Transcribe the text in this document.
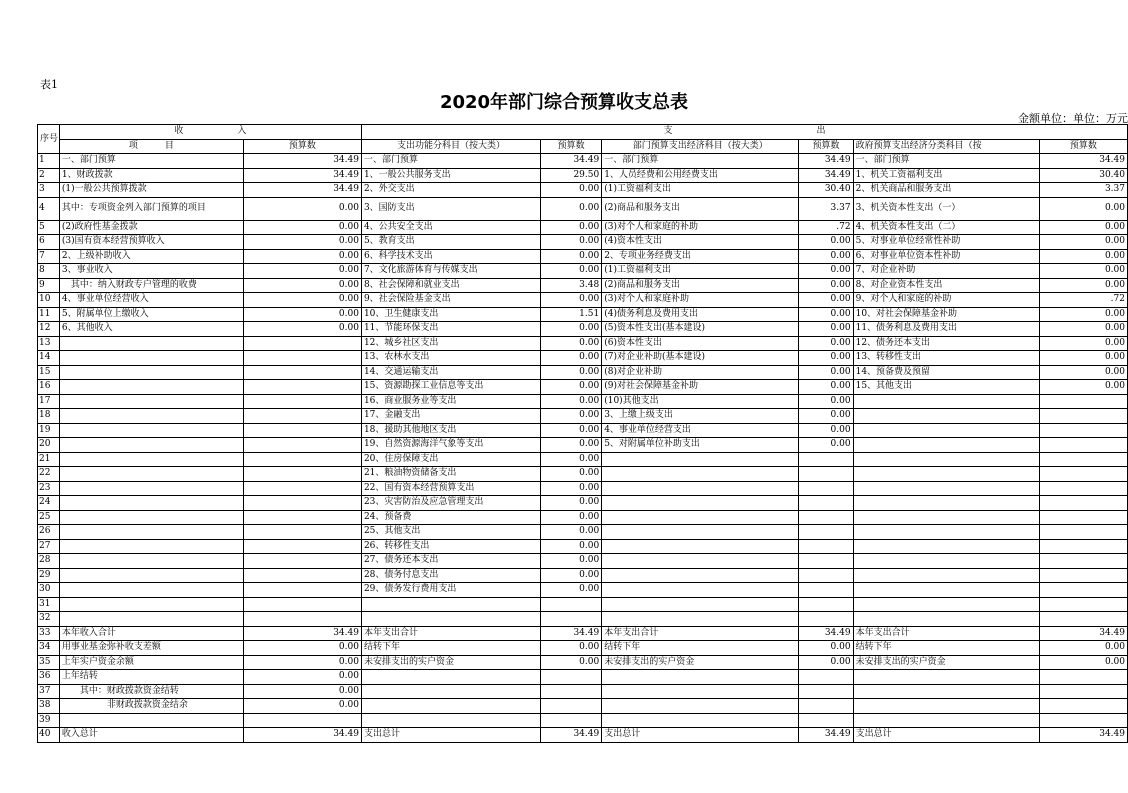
表1
2020年部门综合预算收支总表
金额单位：单位：万元
序号	收　　　　　　入		支　　　　　　　　　　　　　　　　出					
	项　　　目	预算数	支出功能分科目（按大类）	预算数	部门预算支出经济科目（按大类）	预算数	政府预算支出经济分类科目（按	预算数
1	一、部门预算	34.49	一、部门预算	34.49	一、部门预算	34.49	一、部门预算	34.49
2	1、财政拨款	34.49	1、一般公共服务支出	29.50	1、人员经费和公用经费支出	34.49	1、机关工资福利支出	30.40
3	(1)一般公共预算拨款	34.49	2、外交支出	0.00	(1)工资福利支出	30.40	2、机关商品和服务支出	3.37
4	其中：专项资金列入部门预算的项目	0.00	3、国防支出	0.00	(2)商品和服务支出	3.37	3、机关资本性支出（一）	0.00
5	(2)政府性基金拨款	0.00	4、公共安全支出	0.00	(3)对个人和家庭的补助	.72	4、机关资本性支出（二）	0.00
6	(3)国有资本经营预算收入	0.00	5、教育支出	0.00	(4)资本性支出	0.00	5、对事业单位经常性补助	0.00
7	2、上级补助收入	0.00	6、科学技术支出	0.00	2、专项业务经费支出	0.00	6、对事业单位资本性补助	0.00
8	3、事业收入	0.00	7、文化旅游体育与传媒支出	0.00	(1)工资福利支出	0.00	7、对企业补助	0.00
9	　其中：纳入财政专户管理的收费	0.00	8、社会保障和就业支出	3.48	(2)商品和服务支出	0.00	8、对企业资本性支出	0.00
10	4、事业单位经营收入	0.00	9、社会保险基金支出	0.00	(3)对个人和家庭补助	0.00	9、对个人和家庭的补助	.72
11	5、附属单位上缴收入	0.00	10、卫生健康支出	1.51	(4)债务利息及费用支出	0.00	10、对社会保障基金补助	0.00
12	6、其他收入	0.00	11、节能环保支出	0.00	(5)资本性支出(基本建设)	0.00	11、债务利息及费用支出	0.00
13			12、城乡社区支出	0.00	(6)资本性支出	0.00	12、债务还本支出	0.00
14			13、农林水支出	0.00	(7)对企业补助(基本建设)	0.00	13、转移性支出	0.00
15			14、交通运输支出	0.00	(8)对企业补助	0.00	14、预备费及预留	0.00
16			15、资源勘探工业信息等支出	0.00	(9)对社会保障基金补助	0.00	15、其他支出	0.00
17			16、商业服务业等支出	0.00	(10)其他支出	0.00		
18			17、金融支出	0.00	3、上缴上级支出	0.00		
19			18、援助其他地区支出	0.00	4、事业单位经营支出	0.00		
20			19、自然资源海洋气象等支出	0.00	5、对附属单位补助支出	0.00		
21			20、住房保障支出	0.00				
22			21、粮油物资储备支出	0.00				
23			22、国有资本经营预算支出	0.00				
24			23、灾害防治及应急管理支出	0.00				
25			24、预备费	0.00				
26			25、其他支出	0.00				
27			26、转移性支出	0.00				
28			27、债务还本支出	0.00				
29			28、债务付息支出	0.00				
30			29、债务发行费用支出	0.00				
31								
32								
33	本年收入合计	34.49	本年支出合计	34.49	本年支出合计	34.49	本年支出合计	34.49
34	用事业基金弥补收支差额	0.00	结转下年	0.00	结转下年	0.00	结转下年	0.00
35	上年实户资金余额	0.00	未安排支出的实户资金	0.00	未安排支出的实户资金	0.00	未安排支出的实户资金	0.00
36	上年结转	0.00						
37	　　其中：财政拨款资金结转	0.00						
38	　　　　　非财政拨款资金结余	0.00						
39								
40	收入总计	34.49	支出总计	34.49	支出总计	34.49	支出总计	34.49
